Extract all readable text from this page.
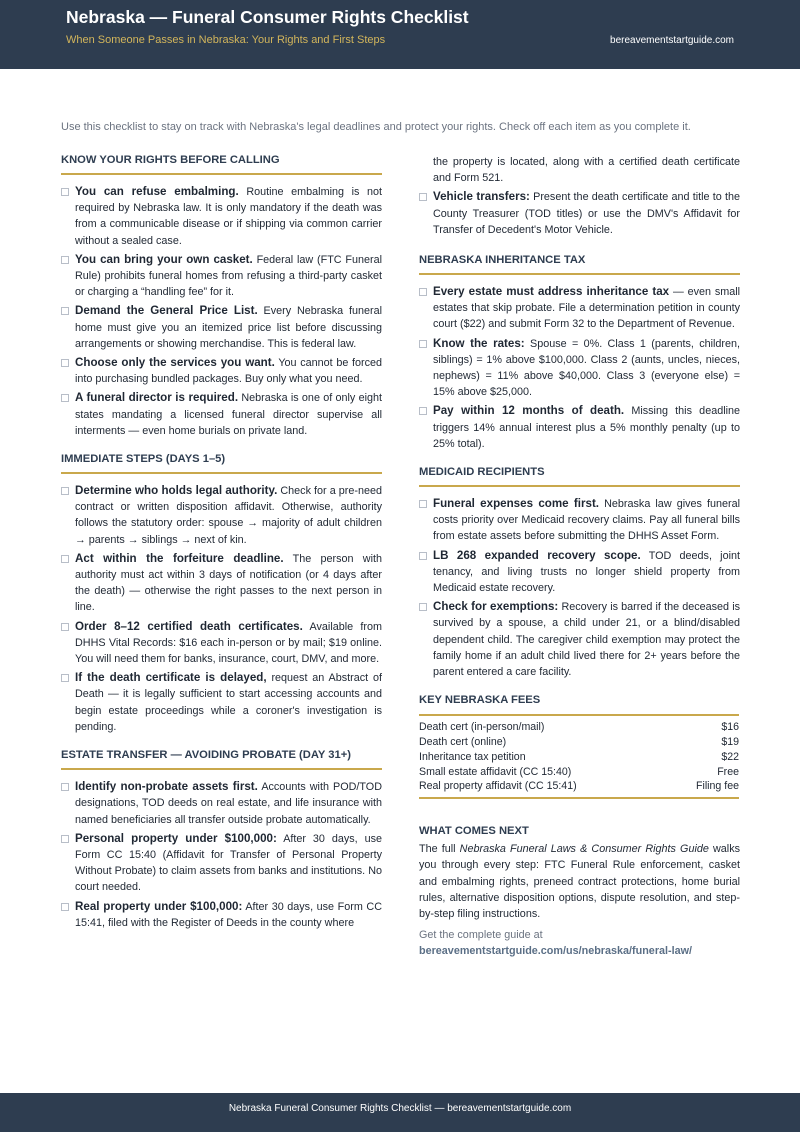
Nebraska — Funeral Consumer Rights Checklist
When Someone Passes in Nebraska: Your Rights and First Steps	bereavementstartguide.com
Use this checklist to stay on track with Nebraska's legal deadlines and protect your rights. Check off each item as you complete it.
KNOW YOUR RIGHTS BEFORE CALLING
You can refuse embalming. Routine embalming is not required by Nebraska law. It is only mandatory if the death was from a communicable disease or if shipping via common carrier without a sealed case.
You can bring your own casket. Federal law (FTC Funeral Rule) prohibits funeral homes from refusing a third-party casket or charging a “handling fee” for it.
Demand the General Price List. Every Nebraska funeral home must give you an itemized price list before discussing arrangements or showing merchandise. This is federal law.
Choose only the services you want. You cannot be forced into purchasing bundled packages. Buy only what you need.
A funeral director is required. Nebraska is one of only eight states mandating a licensed funeral director supervise all interments — even home burials on private land.
IMMEDIATE STEPS (DAYS 1–5)
Determine who holds legal authority. Check for a pre-need contract or written disposition affidavit. Otherwise, authority follows the statutory order: spouse → majority of adult children → parents → siblings → next of kin.
Act within the forfeiture deadline. The person with authority must act within 3 days of notification (or 4 days after the death) — otherwise the right passes to the next person in line.
Order 8–12 certified death certificates. Available from DHHS Vital Records: $16 each in-person or by mail; $19 online. You will need them for banks, insurance, court, DMV, and more.
If the death certificate is delayed, request an Abstract of Death — it is legally sufficient to start accessing accounts and begin estate proceedings while a coroner's investigation is pending.
ESTATE TRANSFER — AVOIDING PROBATE (DAY 31+)
Identify non-probate assets first. Accounts with POD/TOD designations, TOD deeds on real estate, and life insurance with named beneficiaries all transfer outside probate automatically.
Personal property under $100,000: After 30 days, use Form CC 15:40 (Affidavit for Transfer of Personal Property Without Probate) to claim assets from banks and institutions. No court needed.
Real property under $100,000: After 30 days, use Form CC 15:41, filed with the Register of Deeds in the county where
the property is located, along with a certified death certificate and Form 521.
Vehicle transfers: Present the death certificate and title to the County Treasurer (TOD titles) or use the DMV's Affidavit for Transfer of Decedent's Motor Vehicle.
NEBRASKA INHERITANCE TAX
Every estate must address inheritance tax — even small estates that skip probate. File a determination petition in county court ($22) and submit Form 32 to the Department of Revenue.
Know the rates: Spouse = 0%. Class 1 (parents, children, siblings) = 1% above $100,000. Class 2 (aunts, uncles, nieces, nephews) = 11% above $40,000. Class 3 (everyone else) = 15% above $25,000.
Pay within 12 months of death. Missing this deadline triggers 14% annual interest plus a 5% monthly penalty (up to 25% total).
MEDICAID RECIPIENTS
Funeral expenses come first. Nebraska law gives funeral costs priority over Medicaid recovery claims. Pay all funeral bills from estate assets before submitting the DHHS Asset Form.
LB 268 expanded recovery scope. TOD deeds, joint tenancy, and living trusts no longer shield property from Medicaid estate recovery.
Check for exemptions: Recovery is barred if the deceased is survived by a spouse, a child under 21, or a blind/disabled dependent child. The caregiver child exemption may protect the family home if an adult child lived there for 2+ years before the parent entered a care facility.
KEY NEBRASKA FEES
Death cert (in-person/mail)	$16
Death cert (online)	$19
Inheritance tax petition	$22
Small estate affidavit (CC 15:40)	Free
Real property affidavit (CC 15:41)	Filing fee
WHAT COMES NEXT
The full Nebraska Funeral Laws & Consumer Rights Guide walks you through every step: FTC Funeral Rule enforcement, casket and embalming rights, preneed contract protections, home burial rules, alternative disposition options, dispute resolution, and step-by-step filing instructions.
Get the complete guide at
bereavementstartguide.com/us/nebraska/funeral-law/
Nebraska Funeral Consumer Rights Checklist — bereavementstartguide.com
